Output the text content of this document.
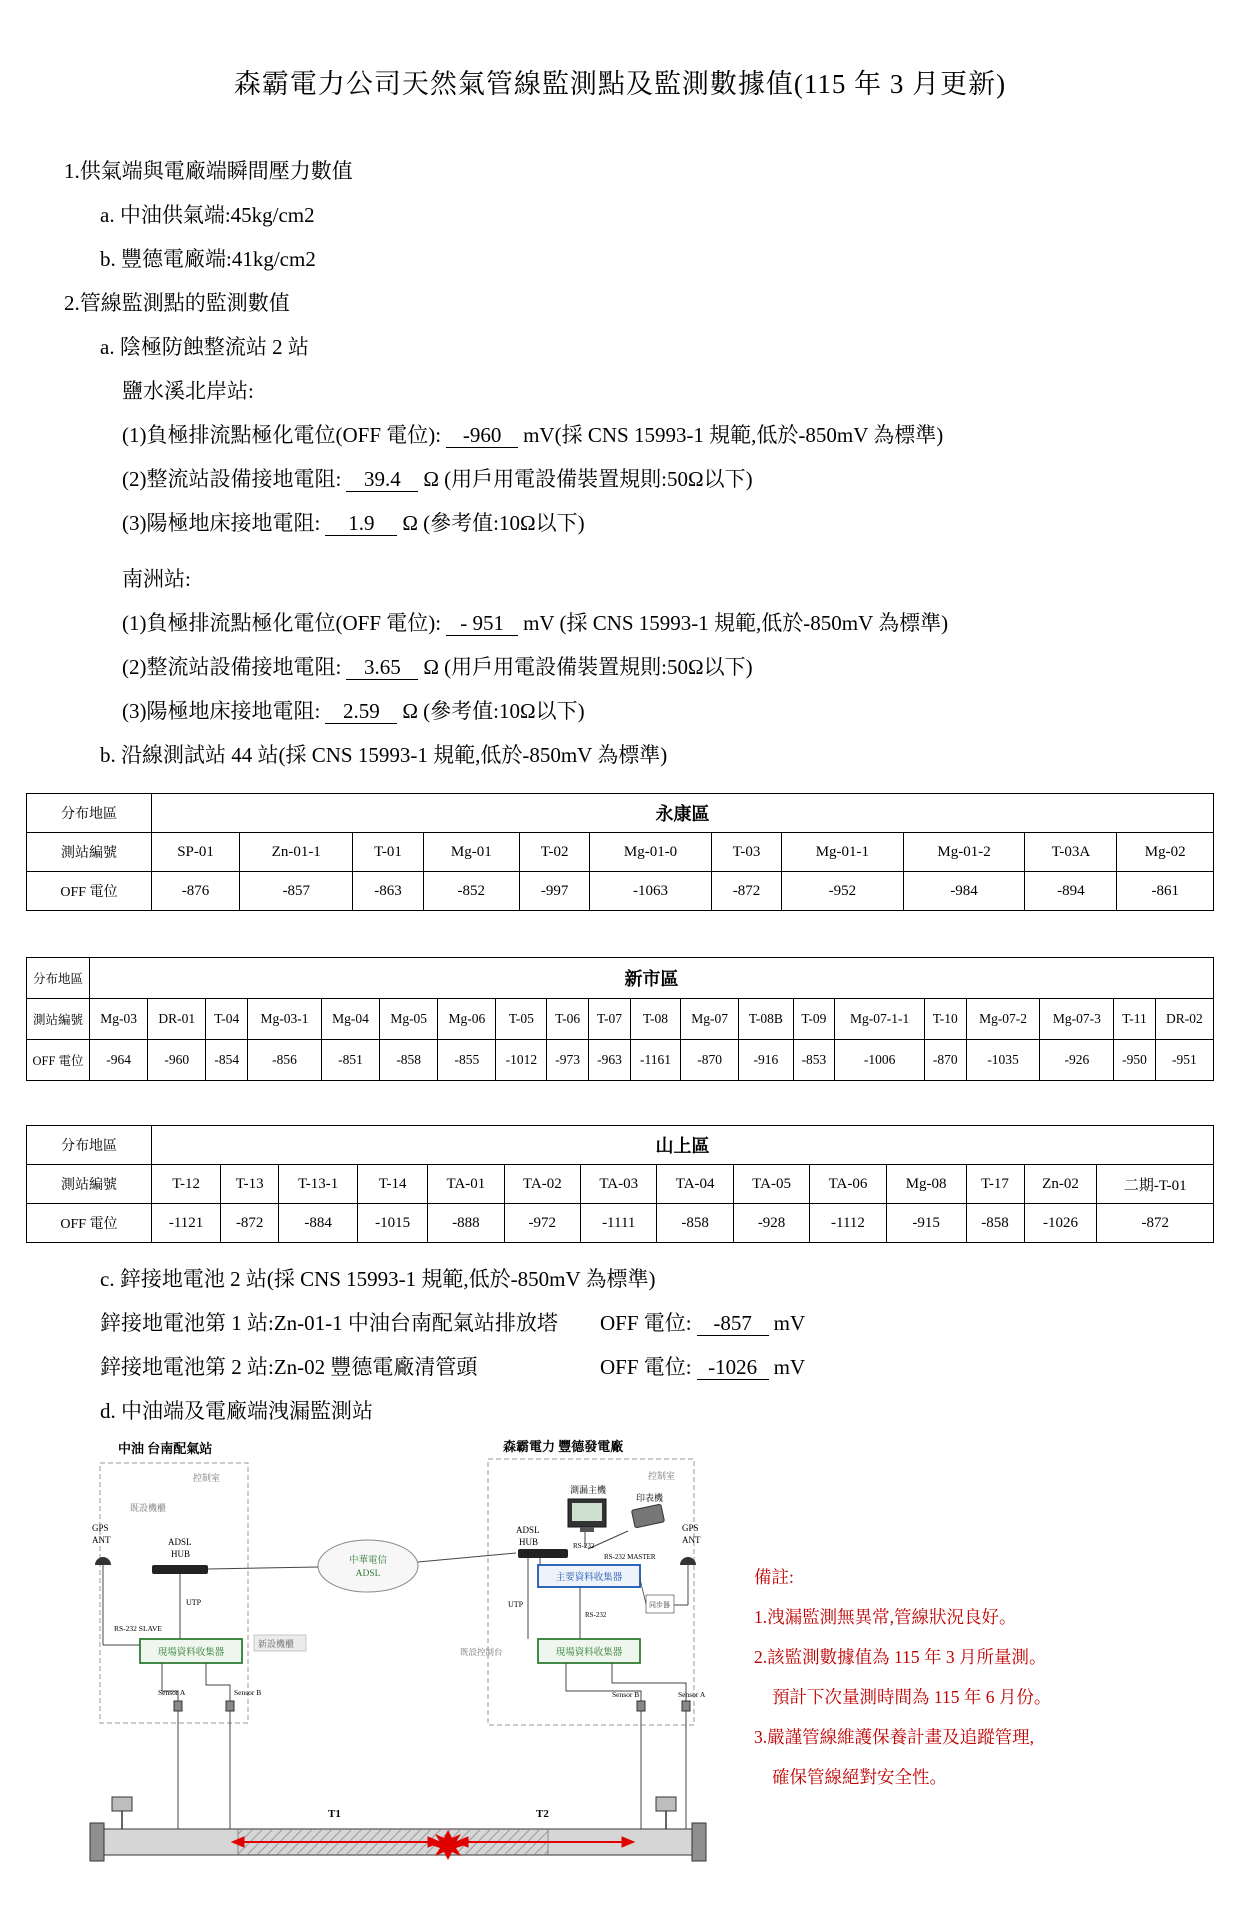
森霸電力公司天然氣管線監測點及監測數據值(115 年 3 月更新)
1.供氣端與電廠端瞬間壓力數值
a. 中油供氣端:45kg/cm2
b. 豐德電廠端:41kg/cm2
2.管線監測點的監測數值
a. 陰極防蝕整流站 2 站
鹽水溪北岸站:
(1)負極排流點極化電位(OFF 電位): -960 mV(採 CNS 15993-1 規範,低於-850mV 為標準)
(2)整流站設備接地電阻: 39.4 Ω (用戶用電設備裝置規則:50Ω以下)
(3)陽極地床接地電阻: 1.9 Ω (參考值:10Ω以下)
南洲站:
(1)負極排流點極化電位(OFF 電位): - 951 mV (採 CNS 15993-1 規範,低於-850mV 為標準)
(2)整流站設備接地電阻: 3.65 Ω (用戶用電設備裝置規則:50Ω以下)
(3)陽極地床接地電阻: 2.59 Ω (參考值:10Ω以下)
b. 沿線測試站 44 站(採 CNS 15993-1 規範,低於-850mV 為標準)
分布地區	永康區										
測站編號	SP-01	Zn-01-1	T-01	Mg-01	T-02	Mg-01-0	T-03	Mg-01-1	Mg-01-2	T-03A	Mg-02
OFF 電位	-876	-857	-863	-852	-997	-1063	-872	-952	-984	-894	-861
分布地區	新市區																			
測站編號	Mg-03	DR-01	T-04	Mg-03-1	Mg-04	Mg-05	Mg-06	T-05	T-06	T-07	T-08	Mg-07	T-08B	T-09	Mg-07-1-1	T-10	Mg-07-2	Mg-07-3	T-11	DR-02
OFF 電位	-964	-960	-854	-856	-851	-858	-855	-1012	-973	-963	-1161	-870	-916	-853	-1006	-870	-1035	-926	-950	-951
分布地區	山上區													
測站編號	T-12	T-13	T-13-1	T-14	TA-01	TA-02	TA-03	TA-04	TA-05	TA-06	Mg-08	T-17	Zn-02	二期-T-01
OFF 電位	-1121	-872	-884	-1015	-888	-972	-1111	-858	-928	-1112	-915	-858	-1026	-872
c. 鋅接地電池 2 站(採 CNS 15993-1 規範,低於-850mV 為標準)
鋅接地電池第 1 站:Zn-01-1 中油台南配氣站排放塔 OFF 電位: -857 mV
鋅接地電池第 2 站:Zn-02 豐德電廠清管頭	OFF 電位: -1026 mV
d. 中油端及電廠端洩漏監測站
中油 台南配氣站	森霸電力 豐德發電廠
控制室
既設機櫃
ADSL
HUB
GPS
ANT
UTP
RS-232 SLAVE
現場資料收集器
新設機櫃
中華電信
ADSL
控制室
測漏主機
印表機
ADSL
HUB	RS-232
RS-232 MASTER
主要資料收集器
GPS
ANT
同步器
UTP
RS-232
現場資料收集器
既設控制台
Sensor A	Sensor B	Sensor B	Sensor A
T1	T2
備註:
1.洩漏監測無異常,管線狀況良好。
2.該監測數據值為 115 年 3 月所量測。
預計下次量測時間為 115 年 6 月份。
3.嚴謹管線維護保養計畫及追蹤管理,
確保管線絕對安全性。
